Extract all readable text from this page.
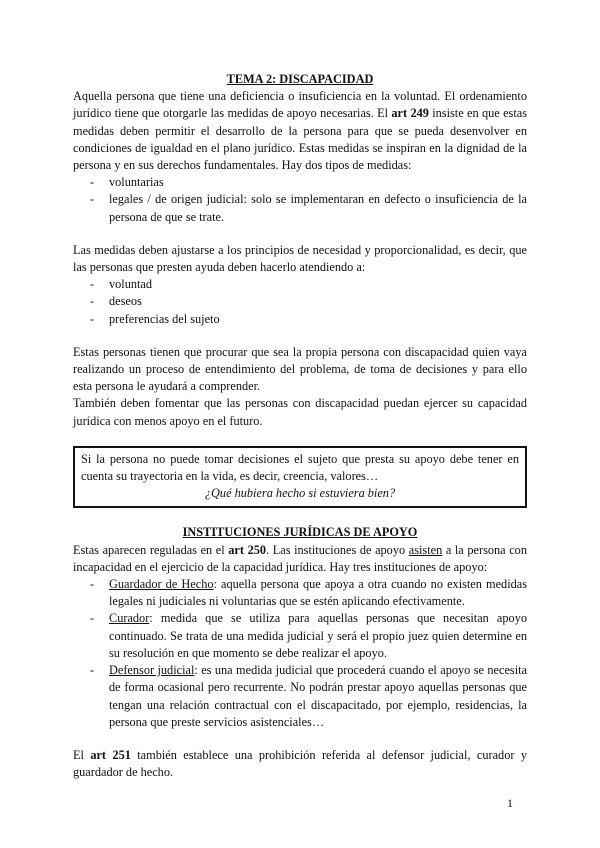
TEMA 2: DISCAPACIDAD

Aquella persona que tiene una deficiencia o insuficiencia en la voluntad. El ordenamiento jurídico tiene que otorgarle las medidas de apoyo necesarias. El art 249 insiste en que estas medidas deben permitir el desarrollo de la persona para que se pueda desenvolver en condiciones de igualdad en el plano jurídico. Estas medidas se inspiran en la dignidad de la persona y en sus derechos fundamentales. Hay dos tipos de medidas:

- voluntarias
- legales / de origen judicial: solo se implementaran en defecto o insuficiencia de la persona de que se trate.

Las medidas deben ajustarse a los principios de necesidad y proporcionalidad, es decir, que las personas que presten ayuda deben hacerlo atendiendo a:

- voluntad
- deseos
- preferencias del sujeto

Estas personas tienen que procurar que sea la propia persona con discapacidad quien vaya realizando un proceso de entendimiento del problema, de toma de decisiones y para ello esta persona le ayudará a comprender.

También deben fomentar que las personas con discapacidad puedan ejercer su capacidad jurídica con menos apoyo en el futuro.

Si la persona no puede tomar decisiones el sujeto que presta su apoyo debe tener en cuenta su trayectoria en la vida, es decir, creencia, valores…

¿Qué hubiera hecho si estuviera bien?

INSTITUCIONES JURÍDICAS DE APOYO

Estas aparecen reguladas en el art 250. Las instituciones de apoyo asisten a la persona con incapacidad en el ejercicio de la capacidad jurídica. Hay tres instituciones de apoyo:

- Guardador de Hecho: aquella persona que apoya a otra cuando no existen medidas legales ni judiciales ni voluntarias que se estén aplicando efectivamente.
- Curador: medida que se utiliza para aquellas personas que necesitan apoyo continuado. Se trata de una medida judicial y será el propio juez quien determine en su resolución en que momento se debe realizar el apoyo.
- Defensor judicial: es una medida judicial que procederá cuando el apoyo se necesita de forma ocasional pero recurrente. No podrán prestar apoyo aquellas personas que tengan una relación contractual con el discapacitado, por ejemplo, residencias, la persona que preste servicios asistenciales…

El art 251 también establece una prohibición referida al defensor judicial, curador y guardador de hecho.

1
